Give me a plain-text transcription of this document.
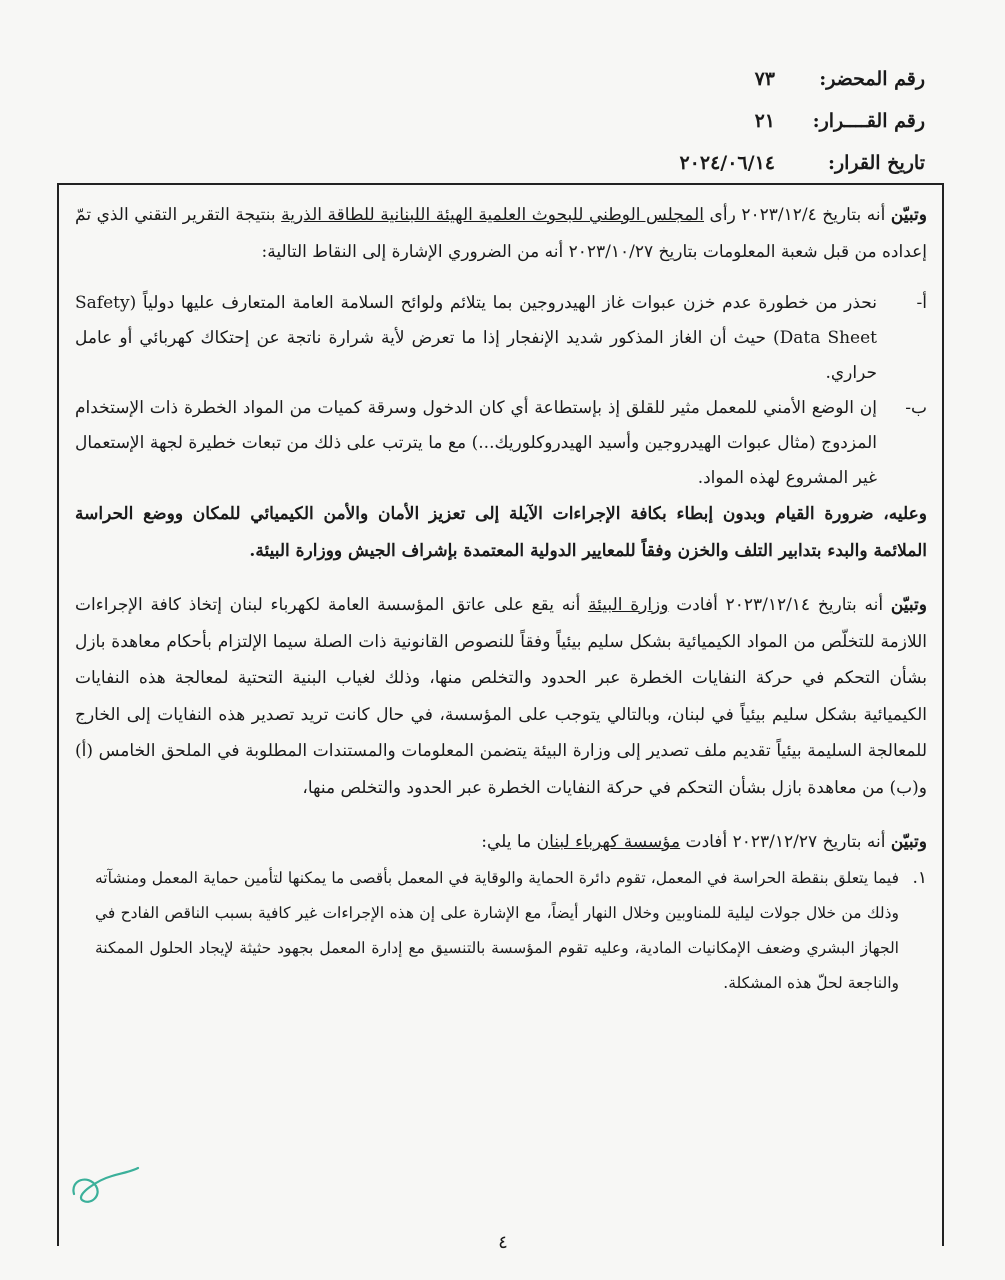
رقم المحضر:
٧٣
رقم القــــرار:
٢١
تاريخ القرار:
٢٠٢٤/٠٦/١٤

وتبيّن أنه بتاريخ ٢٠٢٣/١٢/٤ رأى المجلس الوطني للبحوث العلمية الهيئة اللبنانية للطاقة الذرية بنتيجة التقرير التقني الذي تمّ إعداده من قبل شعبة المعلومات بتاريخ ٢٠٢٣/١٠/٢٧ أنه من الضروري الإشارة إلى النقاط التالية:

أ-
نحذر من خطورة عدم خزن عبوات غاز الهيدروجين بما يتلائم ولوائح السلامة العامة المتعارف عليها دولياً (Safety Data Sheet) حيث أن الغاز المذكور شديد الإنفجار إذا ما تعرض لأية شرارة ناتجة عن إحتكاك كهربائي أو عامل حراري.
ب-
إن الوضع الأمني للمعمل مثير للقلق إذ بإستطاعة أي كان الدخول وسرقة كميات من المواد الخطرة ذات الإستخدام المزدوج (مثال عبوات الهيدروجين وأسيد الهيدروكلوريك...) مع ما يترتب على ذلك من تبعات خطيرة لجهة الإستعمال غير المشروع لهذه المواد.

وعليه، ضرورة القيام وبدون إبطاء بكافة الإجراءات الآيلة إلى تعزيز الأمان والأمن الكيميائي للمكان ووضع الحراسة الملائمة والبدء بتدابير التلف والخزن وفقاً للمعايير الدولية المعتمدة بإشراف الجيش ووزارة البيئة.

وتبيّن أنه بتاريخ ٢٠٢٣/١٢/١٤ أفادت وزارة البيئة أنه يقع على عاتق المؤسسة العامة لكهرباء لبنان إتخاذ كافة الإجراءات اللازمة للتخلّص من المواد الكيميائية بشكل سليم بيئياً وفقاً للنصوص القانونية ذات الصلة سيما الإلتزام بأحكام معاهدة بازل بشأن التحكم في حركة النفايات الخطرة عبر الحدود والتخلص منها، وذلك لغياب البنية التحتية لمعالجة هذه النفايات الكيميائية بشكل سليم بيئياً في لبنان، وبالتالي يتوجب على المؤسسة، في حال كانت تريد تصدير هذه النفايات إلى الخارج للمعالجة السليمة بيئياً تقديم ملف تصدير إلى وزارة البيئة يتضمن المعلومات والمستندات المطلوبة في الملحق الخامس (أ) و(ب) من معاهدة بازل بشأن التحكم في حركة النفايات الخطرة عبر الحدود والتخلص منها،

وتبيّن أنه بتاريخ ٢٠٢٣/١٢/٢٧ أفادت مؤسسة كهرباء لبنان ما يلي:

١.
فيما يتعلق بنقطة الحراسة في المعمل، تقوم دائرة الحماية والوقاية في المعمل بأقصى ما يمكنها لتأمين حماية المعمل ومنشآته وذلك من خلال جولات ليلية للمناوبين وخلال النهار أيضاً، مع الإشارة على إن هذه الإجراءات غير كافية بسبب الناقص الفادح في الجهاز البشري وضعف الإمكانيات المادية، وعليه تقوم المؤسسة بالتنسيق مع إدارة المعمل بجهود حثيثة لإيجاد الحلول الممكنة والناجعة لحلّ هذه المشكلة.
٤
